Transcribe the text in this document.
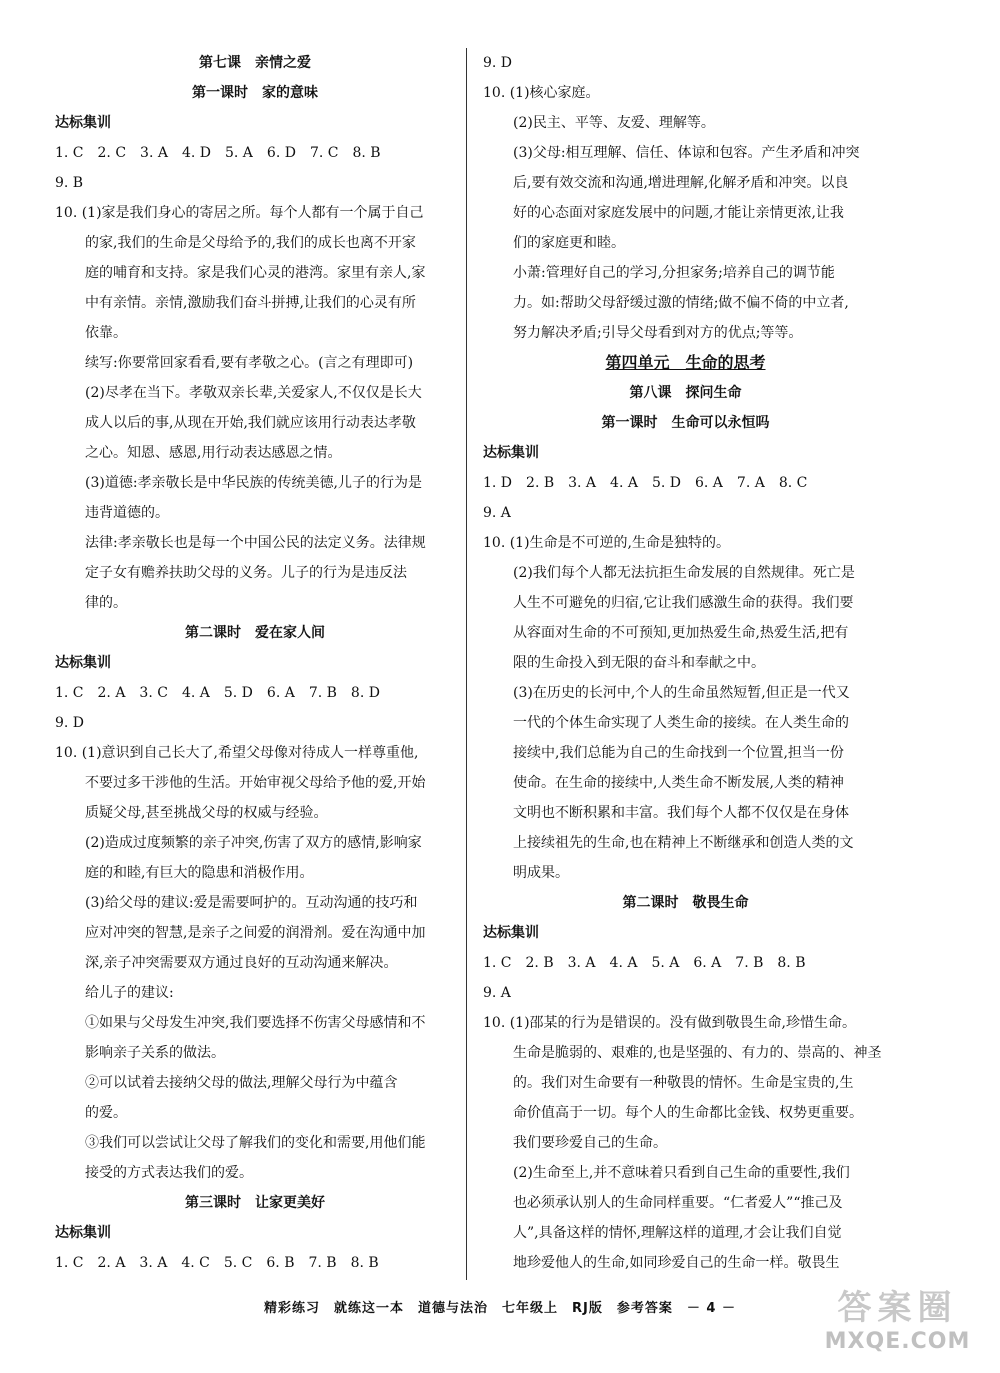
第七课　亲情之爱
第一课时　家的意味
达标集训
1. C　2. C　3. A　4. D　5. A　6. D　7. C　8. B
9. B
10. (1)家是我们身心的寄居之所。每个人都有一个属于自己
的家,我们的生命是父母给予的,我们的成长也离不开家
庭的哺育和支持。家是我们心灵的港湾。家里有亲人,家
中有亲情。亲情,激励我们奋斗拼搏,让我们的心灵有所
依靠。
续写:你要常回家看看,要有孝敬之心。(言之有理即可)
(2)尽孝在当下。孝敬双亲长辈,关爱家人,不仅仅是长大
成人以后的事,从现在开始,我们就应该用行动表达孝敬
之心。知恩、感恩,用行动表达感恩之情。
(3)道德:孝亲敬长是中华民族的传统美德,儿子的行为是
违背道德的。
法律:孝亲敬长也是每一个中国公民的法定义务。法律规
定子女有赡养扶助父母的义务。儿子的行为是违反法
律的。
第二课时　爱在家人间
达标集训
1. C　2. A　3. C　4. A　5. D　6. A　7. B　8. D
9. D
10. (1)意识到自己长大了,希望父母像对待成人一样尊重他,
不要过多干涉他的生活。开始审视父母给予他的爱,开始
质疑父母,甚至挑战父母的权威与经验。
(2)造成过度频繁的亲子冲突,伤害了双方的感情,影响家
庭的和睦,有巨大的隐患和消极作用。
(3)给父母的建议:爱是需要呵护的。互动沟通的技巧和
应对冲突的智慧,是亲子之间爱的润滑剂。爱在沟通中加
深,亲子冲突需要双方通过良好的互动沟通来解决。
给儿子的建议:
①如果与父母发生冲突,我们要选择不伤害父母感情和不
影响亲子关系的做法。
②可以试着去接纳父母的做法,理解父母行为中蕴含
的爱。
③我们可以尝试让父母了解我们的变化和需要,用他们能
接受的方式表达我们的爱。
第三课时　让家更美好
达标集训
1. C　2. A　3. A　4. C　5. C　6. B　7. B　8. B
9. D
10. (1)核心家庭。
(2)民主、平等、友爱、理解等。
(3)父母:相互理解、信任、体谅和包容。产生矛盾和冲突
后,要有效交流和沟通,增进理解,化解矛盾和冲突。以良
好的心态面对家庭发展中的问题,才能让亲情更浓,让我
们的家庭更和睦。
小萧:管理好自己的学习,分担家务;培养自己的调节能
力。如:帮助父母舒缓过激的情绪;做不偏不倚的中立者,
努力解决矛盾;引导父母看到对方的优点;等等。
第四单元　生命的思考
第八课　探问生命
第一课时　生命可以永恒吗
达标集训
1. D　2. B　3. A　4. A　5. D　6. A　7. A　8. C
9. A
10. (1)生命是不可逆的,生命是独特的。
(2)我们每个人都无法抗拒生命发展的自然规律。死亡是
人生不可避免的归宿,它让我们感激生命的获得。我们要
从容面对生命的不可预知,更加热爱生命,热爱生活,把有
限的生命投入到无限的奋斗和奉献之中。
(3)在历史的长河中,个人的生命虽然短暂,但正是一代又
一代的个体生命实现了人类生命的接续。在人类生命的
接续中,我们总能为自己的生命找到一个位置,担当一份
使命。在生命的接续中,人类生命不断发展,人类的精神
文明也不断积累和丰富。我们每个人都不仅仅是在身体
上接续祖先的生命,也在精神上不断继承和创造人类的文
明成果。
第二课时　敬畏生命
达标集训
1. C　2. B　3. A　4. A　5. A　6. A　7. B　8. B
9. A
10. (1)邵某的行为是错误的。没有做到敬畏生命,珍惜生命。
生命是脆弱的、艰难的,也是坚强的、有力的、崇高的、神圣
的。我们对生命要有一种敬畏的情怀。生命是宝贵的,生
命价值高于一切。每个人的生命都比金钱、权势更重要。
我们要珍爱自己的生命。
(2)生命至上,并不意味着只看到自己生命的重要性,我们
也必须承认别人的生命同样重要。“仁者爱人”“推己及
人”,具备这样的情怀,理解这样的道理,才会让我们自觉
地珍爱他人的生命,如同珍爱自己的生命一样。敬畏生
精彩练习　就练这一本　道德与法治　七年级上　RJ版　参考答案　－ 4 －	答案圈
MXQE.COM
